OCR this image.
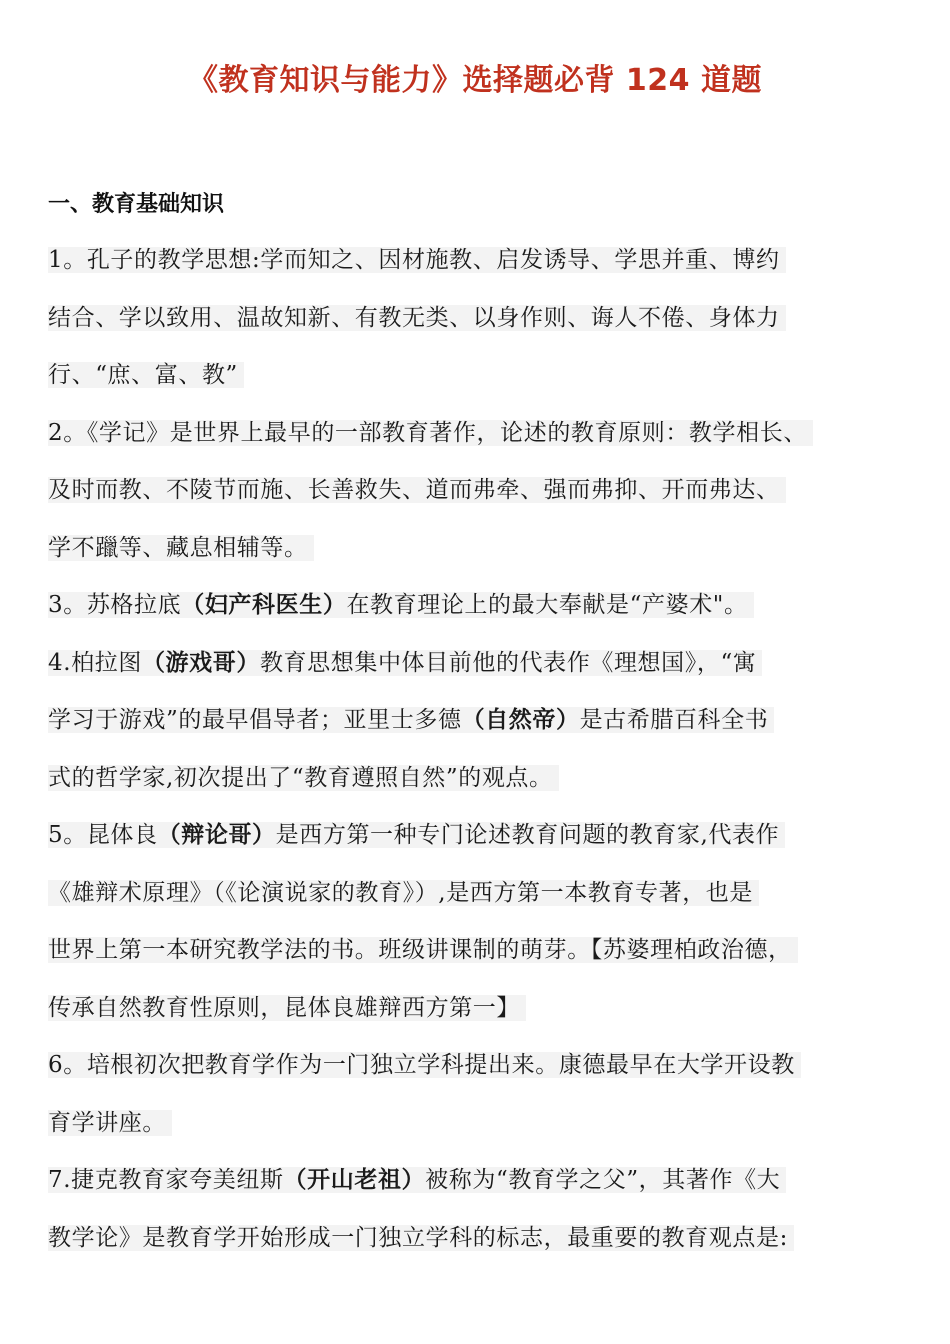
《教育知识与能力》选择题必背 124 道题
一、教育基础知识
1。孔子的教学思想:学而知之、因材施教、启发诱导、学思并重、博约
结合、学以致用、温故知新、有教无类、以身作则、诲人不倦、身体力
行、“庶、富、教”
2。《学记》是世界上最早的一部教育著作，论述的教育原则：教学相长、
及时而教、不陵节而施、长善救失、道而弗牵、强而弗抑、开而弗达、
学不躐等、藏息相辅等。
3。苏格拉底（妇产科医生）在教育理论上的最大奉献是“产婆术"。
4.柏拉图（游戏哥）教育思想集中体目前他的代表作《理想国》，“寓
学习于游戏”的最早倡导者；亚里士多德（自然帝）是古希腊百科全书
式的哲学家,初次提出了“教育遵照自然”的观点。
5。昆体良（辩论哥）是西方第一种专门论述教育问题的教育家,代表作
《雄辩术原理》（《论演说家的教育》）,是西方第一本教育专著，也是
世界上第一本研究教学法的书。班级讲课制的萌芽。【苏婆理柏政治德，
传承自然教育性原则，昆体良雄辩西方第一】
6。培根初次把教育学作为一门独立学科提出来。康德最早在大学开设教
育学讲座。
7.捷克教育家夸美纽斯（开山老祖）被称为“教育学之父”，其著作《大
教学论》是教育学开始形成一门独立学科的标志，最重要的教育观点是:
